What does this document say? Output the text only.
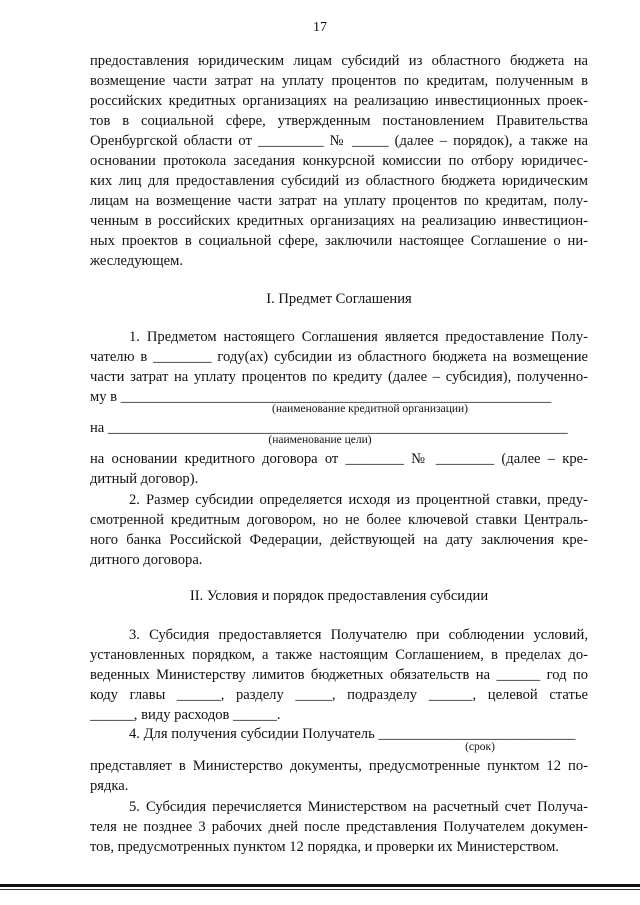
17
предоставления юридическим лицам субсидий из областного бюджета на
возмещение части затрат на уплату процентов по кредитам, полученным в
российских кредитных организациях на реализацию инвестиционных проек-
тов в социальной сфере, утвержденным постановлением Правительства
Оренбургской области от _________ № _____ (далее – порядок), а также на
основании протокола заседания конкурсной комиссии по отбору юридичес-
ких лиц для предоставления субсидий из областного бюджета юридическим
лицам на возмещение части затрат на уплату процентов по кредитам, полу-
ченным в российских кредитных организациях на реализацию инвестицион-
ных проектов в социальной сфере, заключили настоящее Соглашение о ни-
жеследующем.
I. Предмет Соглашения
1. Предметом настоящего Соглашения является предоставление Полу-
чателю в ________ году(ах) субсидии из областного бюджета на возмещение
части затрат на уплату процентов по кредиту (далее – субсидия), полученно-
му в ___________________________________________________________
(наименование кредитной организации)
на _______________________________________________________________
(наименование цели)
на основании кредитного договора от ________ № ________ (далее – кре-
дитный договор).
2. Размер субсидии определяется исходя из процентной ставки, преду-
смотренной кредитным договором, но не более ключевой ставки Централь-
ного банка Российской Федерации, действующей на дату заключения кре-
дитного договора.
II. Условия и порядок предоставления субсидии
3. Субсидия предоставляется Получателю при соблюдении условий,
установленных порядком, а также настоящим Соглашением, в пределах до-
веденных Министерству лимитов бюджетных обязательств на ______ год по
коду главы ______, разделу _____, подразделу ______, целевой статье
______, виду расходов ______.
4. Для получения субсидии Получатель ___________________________
(срок)
представляет в Министерство документы, предусмотренные пунктом 12 по-
рядка.
5. Субсидия перечисляется Министерством на расчетный счет Получа-
теля не позднее 3 рабочих дней после представления Получателем докумен-
тов, предусмотренных пунктом 12 порядка, и проверки их Министерством.
